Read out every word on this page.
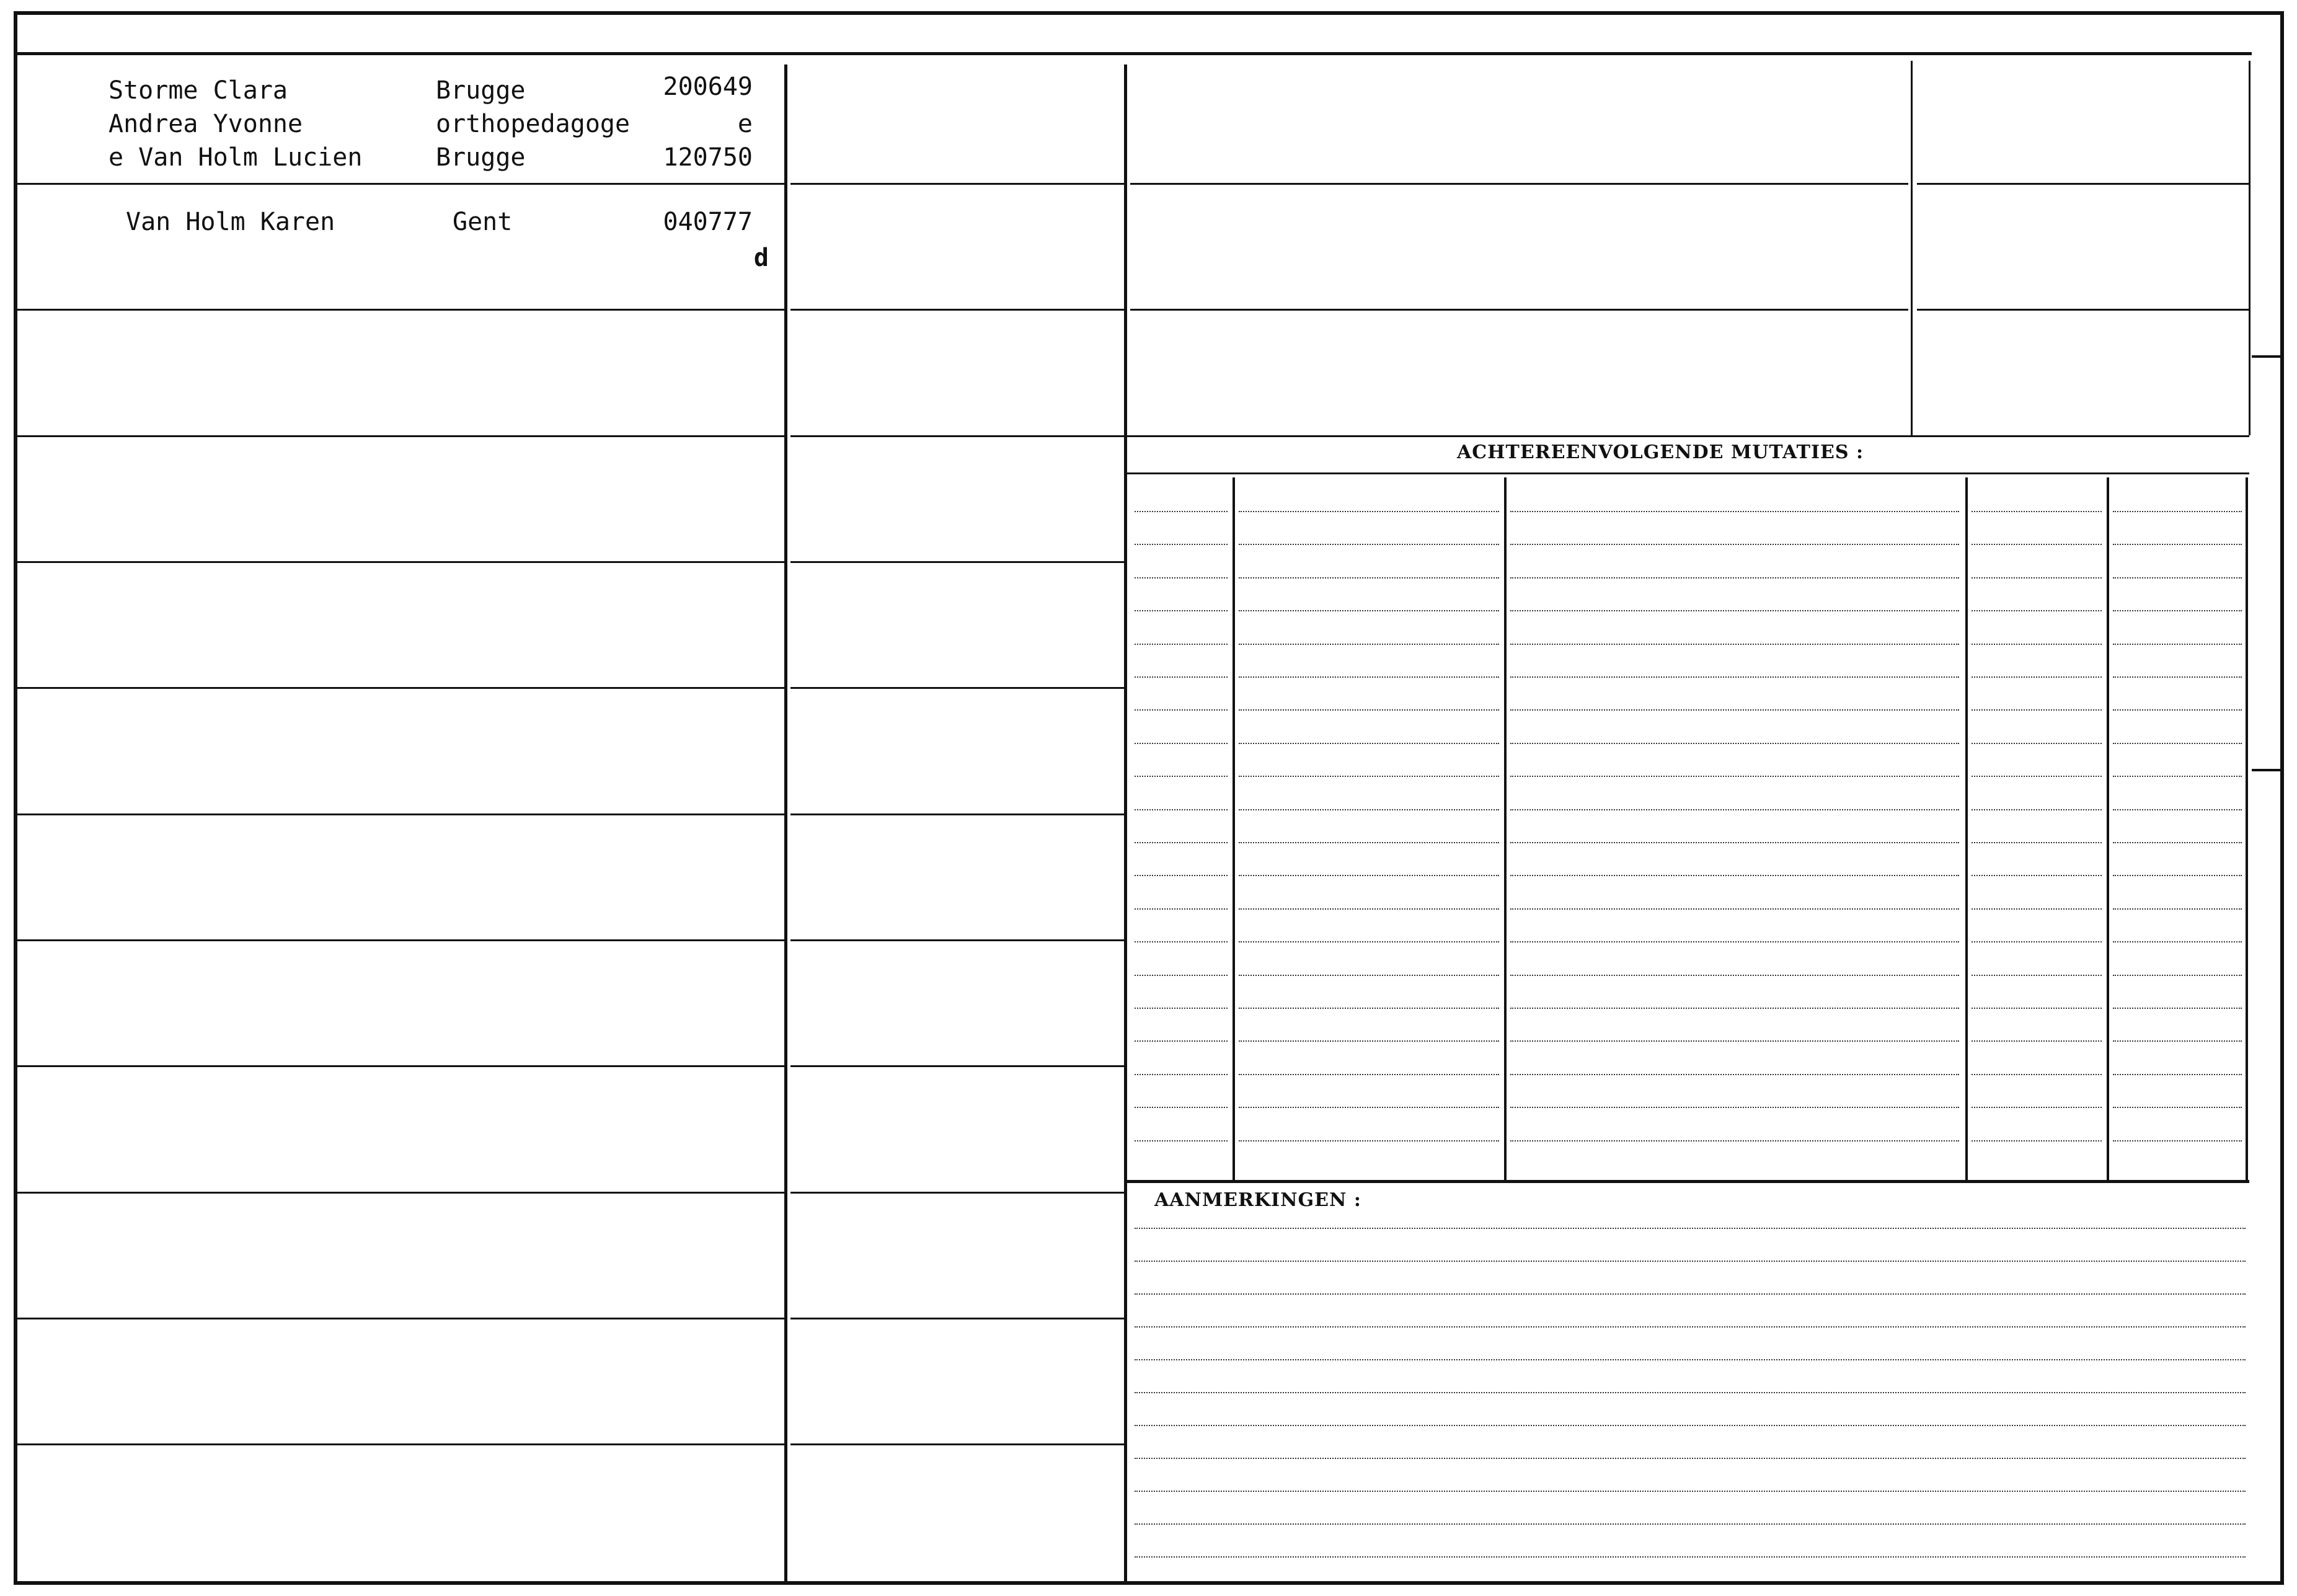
Storme Clara
Andrea Yvonne
e Van Holm Lucien
Brugge
orthopedagoge
Brugge
200649
e
120750
Van Holm Karen	Gent	040777
d
ACHTEREENVOLGENDE MUTATIES :
AANMERKINGEN :
